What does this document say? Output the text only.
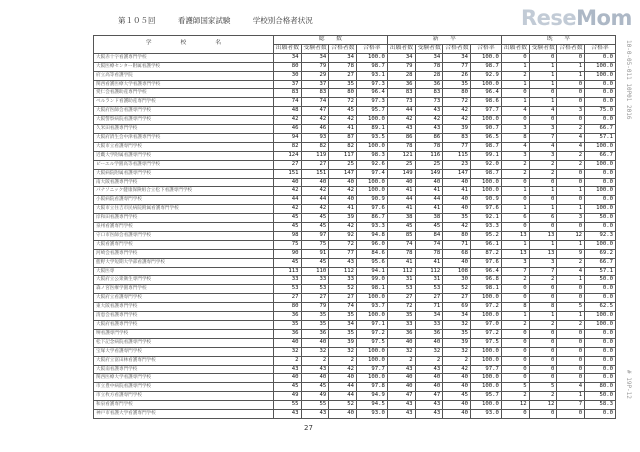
第１０５回	看護師国家試験	学校別合格者状況	ReseMom
10-0-05-011 10P01 2016
# 19P-12
学　　　　　校　　　　　名	総　　数				新　　卒				既　　卒			
	出願者数	受験者数	合格者数	合格率	出願者数	受験者数	合格者数	合格率	出願者数	受験者数	合格者数	合格率
大阪赤十字看護専門学校	34	34	34	100.0	34	34	34	100.0	0	0	0	0.0
大阪医療センター附属看護学校	80	79	78	98.7	79	78	77	98.7	1	1	1	100.0
府立高等看護学院	30	29	27	93.1	28	28	26	92.9	2	1	1	100.0
関西看護医療大学看護専門学校	37	37	35	97.3	36	36	35	100.0	1	1	0	0.0
愛仁会看護助産専門学校	83	83	80	96.4	83	83	80	96.4	0	0	0	0.0
ベルランド看護助産専門学校	74	74	72	97.3	73	73	72	98.6	1	1	0	0.0
大阪府医師会看護専門学校	48	47	45	95.7	44	43	42	97.7	4	4	3	75.0
大阪警察病院看護専門学校	42	42	42	100.0	42	42	42	100.0	0	0	0	0.0
久米田看護専門学校	46	46	41	89.1	43	43	39	90.7	3	3	2	66.7
大阪府済生会中津看護専門学校	94	93	87	93.5	86	86	83	96.5	8	7	4	57.1
大阪市立看護専門学校	82	82	82	100.0	78	78	77	98.7	4	4	4	100.0
近畿大学附属看護専門学校	124	119	117	98.3	121	116	115	99.1	3	3	2	66.7
ピーエル学園高等看護専門学校	27	27	25	92.6	25	25	23	92.0	2	2	2	100.0
大阪病院附属看護専門学校	151	151	147	97.4	149	149	147	98.7	2	2	0	0.0
南大阪看護専門学校	40	40	40	100.0	40	40	40	100.0	0	0	0	0.0
パナソニック健康保険組合立松下看護専門学校	42	42	42	100.0	41	41	41	100.0	1	1	1	100.0
小阪病院看護専門学校	44	44	40	90.9	44	44	40	90.9	0	0	0	0.0
大阪市立住吉市民病院附属看護専門学校	42	42	41	97.6	41	41	40	97.6	1	1	1	100.0
岸和田看護専門学校	45	45	39	86.7	38	38	35	92.1	6	6	3	50.0
泉州看護専門学校	45	45	42	93.3	45	45	42	93.3	0	0	0	0.0
守口市医師会看護専門学校	98	97	92	94.8	85	84	80	95.2	13	13	12	92.3
大阪看護専門学校	75	75	72	96.0	74	74	71	96.1	1	1	1	100.0
河崎会看護専門学校	90	91	77	84.6	78	78	68	87.2	13	13	9	69.2
藍野大学短期大学部看護専門学校	45	45	43	95.6	41	41	40	97.6	3	3	2	66.7
大阪医専	113	110	112	94.1	112	112	108	96.4	7	7	4	57.1
大阪府立公衆衛生専門学校	33	33	33	99.0	31	31	30	96.8	2	2	1	50.0
森ノ宮医療学園専門学校	53	53	52	98.1	53	53	52	98.1	0	0	0	0.0
大阪府立看護専門学校	27	27	27	100.0	27	27	27	100.0	0	0	0	0.0
東大阪看護専門学校	80	79	74	93.7	72	71	69	97.2	8	8	5	62.5
清恵会看護専門学校	36	35	35	100.0	35	34	34	100.0	1	1	1	100.0
大阪府看護専門学校	35	35	34	97.1	33	33	32	97.0	2	2	2	100.0
堺看護専門学校	36	36	35	97.2	36	36	35	97.2	0	0	0	0.0
松下記念病院看護専門学校	40	40	39	97.5	40	40	39	97.5	0	0	0	0.0
宝塚大学看護専門学校	32	32	32	100.0	32	32	32	100.0	0	0	0	0.0
大阪府立富田林看護専門学校	2	2	2	100.0	2	2	2	100.0	0	0	0	0.0
大阪南看護専門学校	43	43	42	97.7	43	43	42	97.7	0	0	0	0.0
関西医療大学看護専門学校	40	40	40	100.0	40	40	40	100.0	0	0	0	0.0
市立豊中病院看護専門学校	45	45	44	97.8	40	40	40	100.0	5	5	4	80.0
市立枚方看護専門学校	49	49	44	94.9	47	47	45	95.7	2	2	1	50.0
和泉看護専門学校	55	55	52	94.5	43	43	40	100.0	12	12	7	58.3
神戸市看護大学看護専門学校	43	43	40	93.0	43	43	40	93.0	0	0	0	0.0
27
